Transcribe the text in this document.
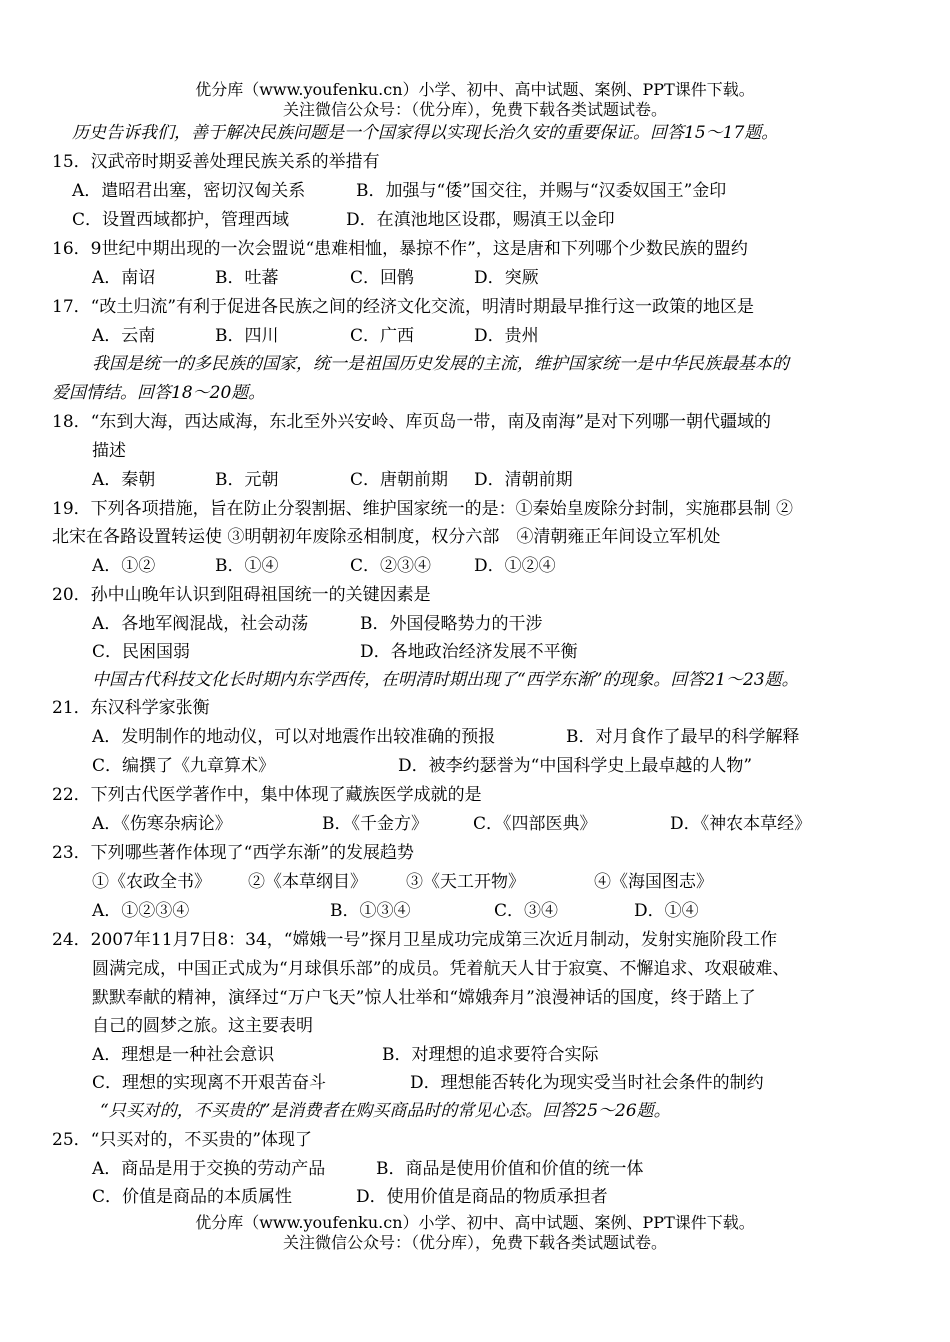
优分库（www.youfenku.cn）小学、初中、高中试题、案例、PPT课件下载。
关注微信公众号：（优分库），免费下载各类试题试卷。
历史告诉我们，善于解决民族问题是一个国家得以实现长治久安的重要保证。回答15～17题。
15．汉武帝时期妥善处理民族关系的举措有
A．遣昭君出塞，密切汉匈关系	B．加强与“倭”国交往，并赐与“汉委奴国王”金印
C．设置西域都护，管理西域	D．在滇池地区设郡，赐滇王以金印
16．9世纪中期出现的一次会盟说“患难相恤，暴掠不作”，这是唐和下列哪个少数民族的盟约
A．南诏	B．吐蕃	C．回鹘	D．突厥
17．“改土归流”有利于促进各民族之间的经济文化交流，明清时期最早推行这一政策的地区是
A．云南	B．四川	C．广西	D．贵州
我国是统一的多民族的国家，统一是祖国历史发展的主流，维护国家统一是中华民族最基本的
爱国情结。回答18～20题。
18．“东到大海，西达咸海，东北至外兴安岭、库页岛一带，南及南海”是对下列哪一朝代疆域的
描述
A．秦朝	B．元朝	C．唐朝前期 D．清朝前期
19．下列各项措施，旨在防止分裂割据、维护国家统一的是：①秦始皇废除分封制，实施郡县制 ②
北宋在各路设置转运使 ③明朝初年废除丞相制度，权分六部　④清朝雍正年间设立军机处
A．①②	B．①④	C．②③④	D．①②④
20．孙中山晚年认识到阻碍祖国统一的关键因素是
A．各地军阀混战，社会动荡	B．外国侵略势力的干涉
C．民困国弱	D．各地政治经济发展不平衡
中国古代科技文化长时期内东学西传，在明清时期出现了“西学东渐”的现象。回答21～23题。
21．东汉科学家张衡
A．发明制作的地动仪，可以对地震作出较准确的预报	B．对月食作了最早的科学解释
C．编撰了《九章算术》	D．被李约瑟誉为“中国科学史上最卓越的人物”
22．下列古代医学著作中，集中体现了藏族医学成就的是
A．《伤寒杂病论》	B．《千金方》	C．《四部医典》	D．《神农本草经》
23．下列哪些著作体现了“西学东渐”的发展趋势
①《农政全书》 ②《本草纲目》 ③《天工开物》	④《海国图志》
A．①②③④	B．①③④	C．③④	D．①④
24．2007年11月7日8：34，“嫦娥一号”探月卫星成功完成第三次近月制动，发射实施阶段工作
圆满完成，中国正式成为“月球俱乐部”的成员。凭着航天人甘于寂寞、不懈追求、攻艰破难、
默默奉献的精神，演绎过“万户飞天”惊人壮举和“嫦娥奔月”浪漫神话的国度，终于踏上了
自己的圆梦之旅。这主要表明
A．理想是一种社会意识	B．对理想的追求要符合实际
C．理想的实现离不开艰苦奋斗	D．理想能否转化为现实受当时社会条件的制约
“只买对的，不买贵的”是消费者在购买商品时的常见心态。回答25～26题。
25．“只买对的，不买贵的”体现了
A．商品是用于交换的劳动产品	B．商品是使用价值和价值的统一体
C．价值是商品的本质属性	D．使用价值是商品的物质承担者
优分库（www.youfenku.cn）小学、初中、高中试题、案例、PPT课件下载。
关注微信公众号：（优分库），免费下载各类试题试卷。
